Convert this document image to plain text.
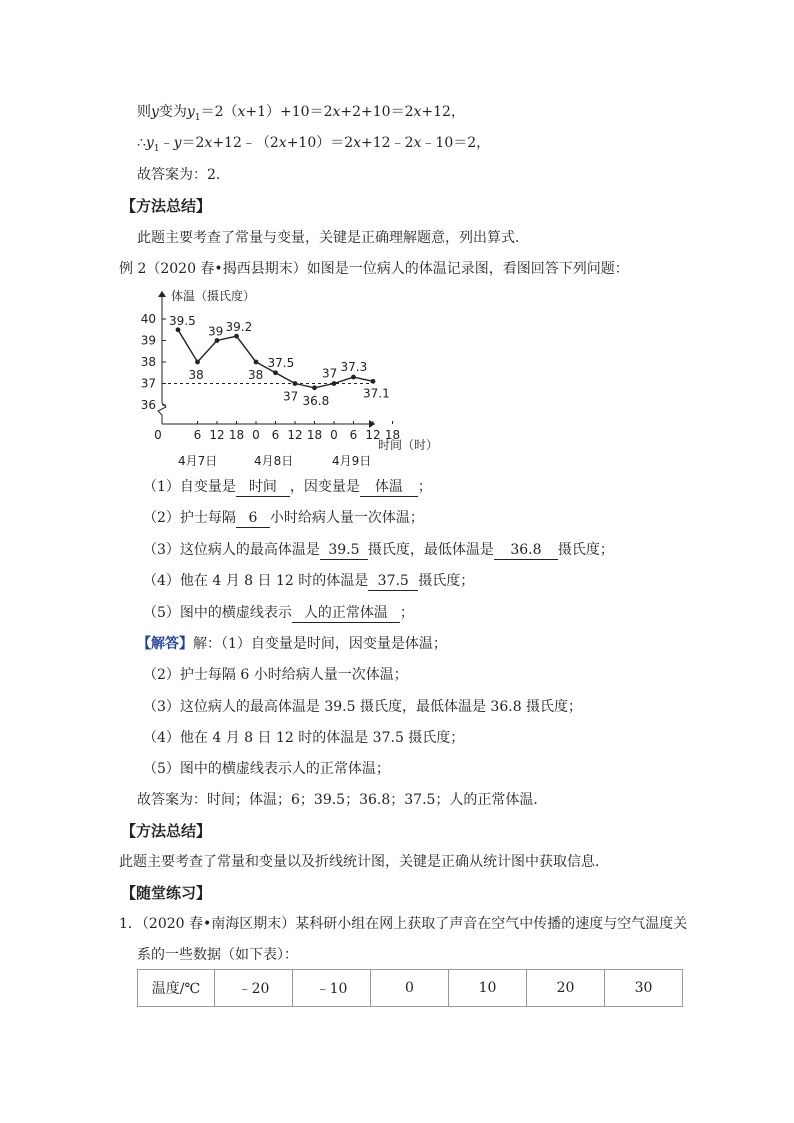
则y变为$y_1=2(x+1)+10=2x+2+10=2x+12$，
$\therefore y_1﹣y=2x+12﹣(2x+10)=2x+12﹣2x﹣10=2$，
故答案为：2．
【方法总结】
此题主要考查了常量与变量，关键是正确理解题意，列出算式．
例 2（2020 春•揭西县期末）如图是一位病人的体温记录图，看图回答下列问题：
体温（摄氏度）
时间（时）
36
37
38
39
40
0	6 12 18 0 6 12 18 0 6 12 18
4月7日	4月8日	4月9日
39.5
38
39 39.2
38
37.5
37 36.8
37 37.3
37.1
（1）自变量是 时间 ，因变量是 体温 ；
（2）护士每隔 6 小时给病人量一次体温；
（3）这位病人的最高体温是 39.5 摄氏度，最低体温是 36.8 摄氏度；
（4）他在 4 月 8 日 12 时的体温是 37.5 摄氏度；
（5）图中的横虚线表示 人的正常体温 ；
【解答】解：（1）自变量是时间，因变量是体温；
（2）护士每隔 6 小时给病人量一次体温；
（3）这位病人的最高体温是 39.5 摄氏度，最低体温是 36.8 摄氏度；
（4）他在 4 月 8 日 12 时的体温是 37.5 摄氏度；
（5）图中的横虚线表示人的正常体温；
故答案为：时间；体温；6；39.5；36.8；37.5；人的正常体温．
【方法总结】
此题主要考查了常量和变量以及折线统计图，关键是正确从统计图中获取信息．
【随堂练习】
1．（2020 春•南海区期末）某科研小组在网上获取了声音在空气中传播的速度与空气温度关
系的一些数据（如下表）：
温度/℃	﹣20	﹣10	0	10	20	30
